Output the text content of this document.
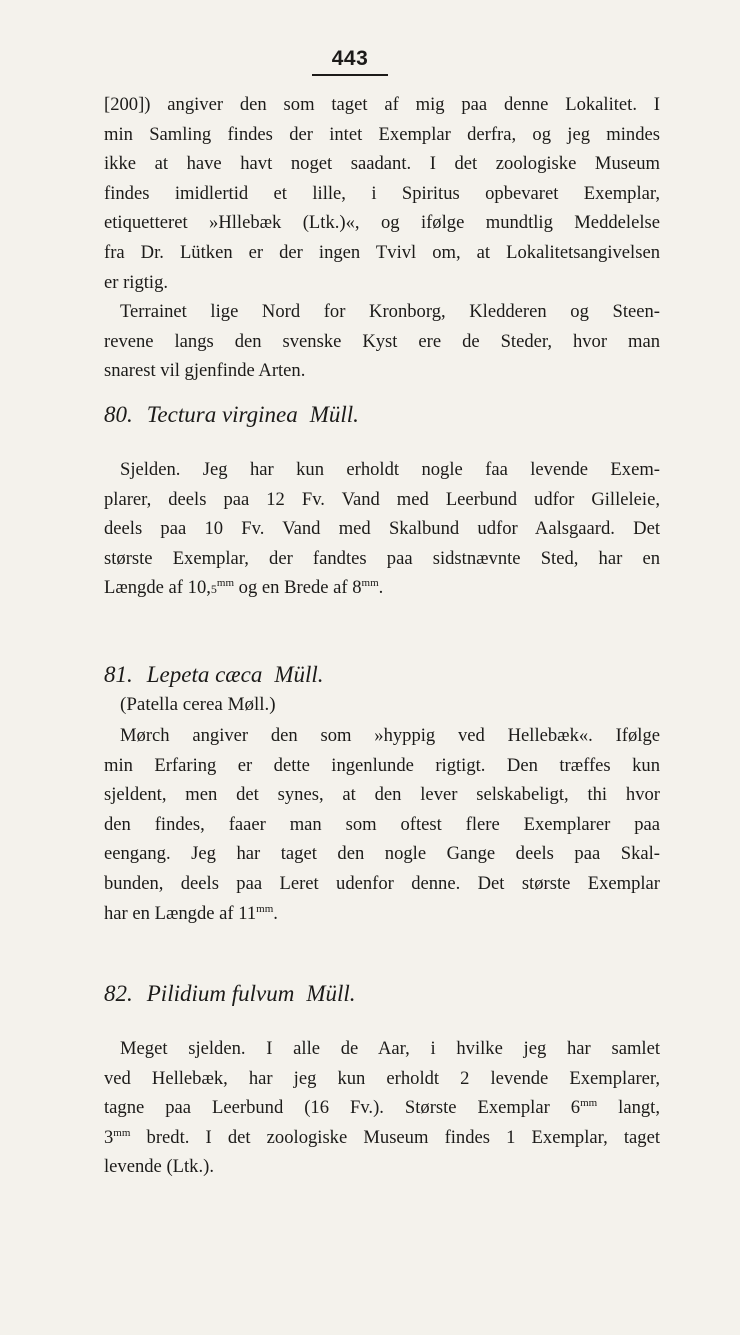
443
[200]) angiver den som taget af mig paa denne Lokalitet. I
min Samling findes der intet Exemplar derfra, og jeg mindes
ikke at have havt noget saadant. I det zoologiske Museum
findes imidlertid et lille, i Spiritus opbevaret Exemplar,
etiquetteret »Hllebæk (Ltk.)«, og ifølge mundtlig Meddelelse
fra Dr. Lütken er der ingen Tvivl om, at Lokalitetsangivelsen
er rigtig.
Terrainet lige Nord for Kronborg, Kledderen og Steen-
revene langs den svenske Kyst ere de Steder, hvor man
snarest vil gjenfinde Arten.
80. Tectura virginea Müll.
Sjelden. Jeg har kun erholdt nogle faa levende Exem-
plarer, deels paa 12 Fv. Vand med Leerbund udfor Gilleleie,
deels paa 10 Fv. Vand med Skalbund udfor Aalsgaard. Det
største Exemplar, der fandtes paa sidstnævnte Sted, har en
Længde af $10,5^{mm}$ og en Brede af $8^{mm}$.
81. Lepeta cæca Müll.
(Patella cerea Møll.)
Mørch angiver den som »hyppig ved Hellebæk«. Ifølge
min Erfaring er dette ingenlunde rigtigt. Den træffes kun
sjeldent, men det synes, at den lever selskabeligt, thi hvor
den findes, faaer man som oftest flere Exemplarer paa
eengang. Jeg har taget den nogle Gange deels paa Skal-
bunden, deels paa Leret udenfor denne. Det største Exemplar
har en Længde af $11^{mm}$.
82. Pilidium fulvum Müll.
Meget sjelden. I alle de Aar, i hvilke jeg har samlet
ved Hellebæk, har jeg kun erholdt 2 levende Exemplarer,
tagne paa Leerbund (16 Fv.). Største Exemplar $6^{mm}$ langt,
$3^{mm}$ bredt. I det zoologiske Museum findes 1 Exemplar, taget
levende (Ltk.).
